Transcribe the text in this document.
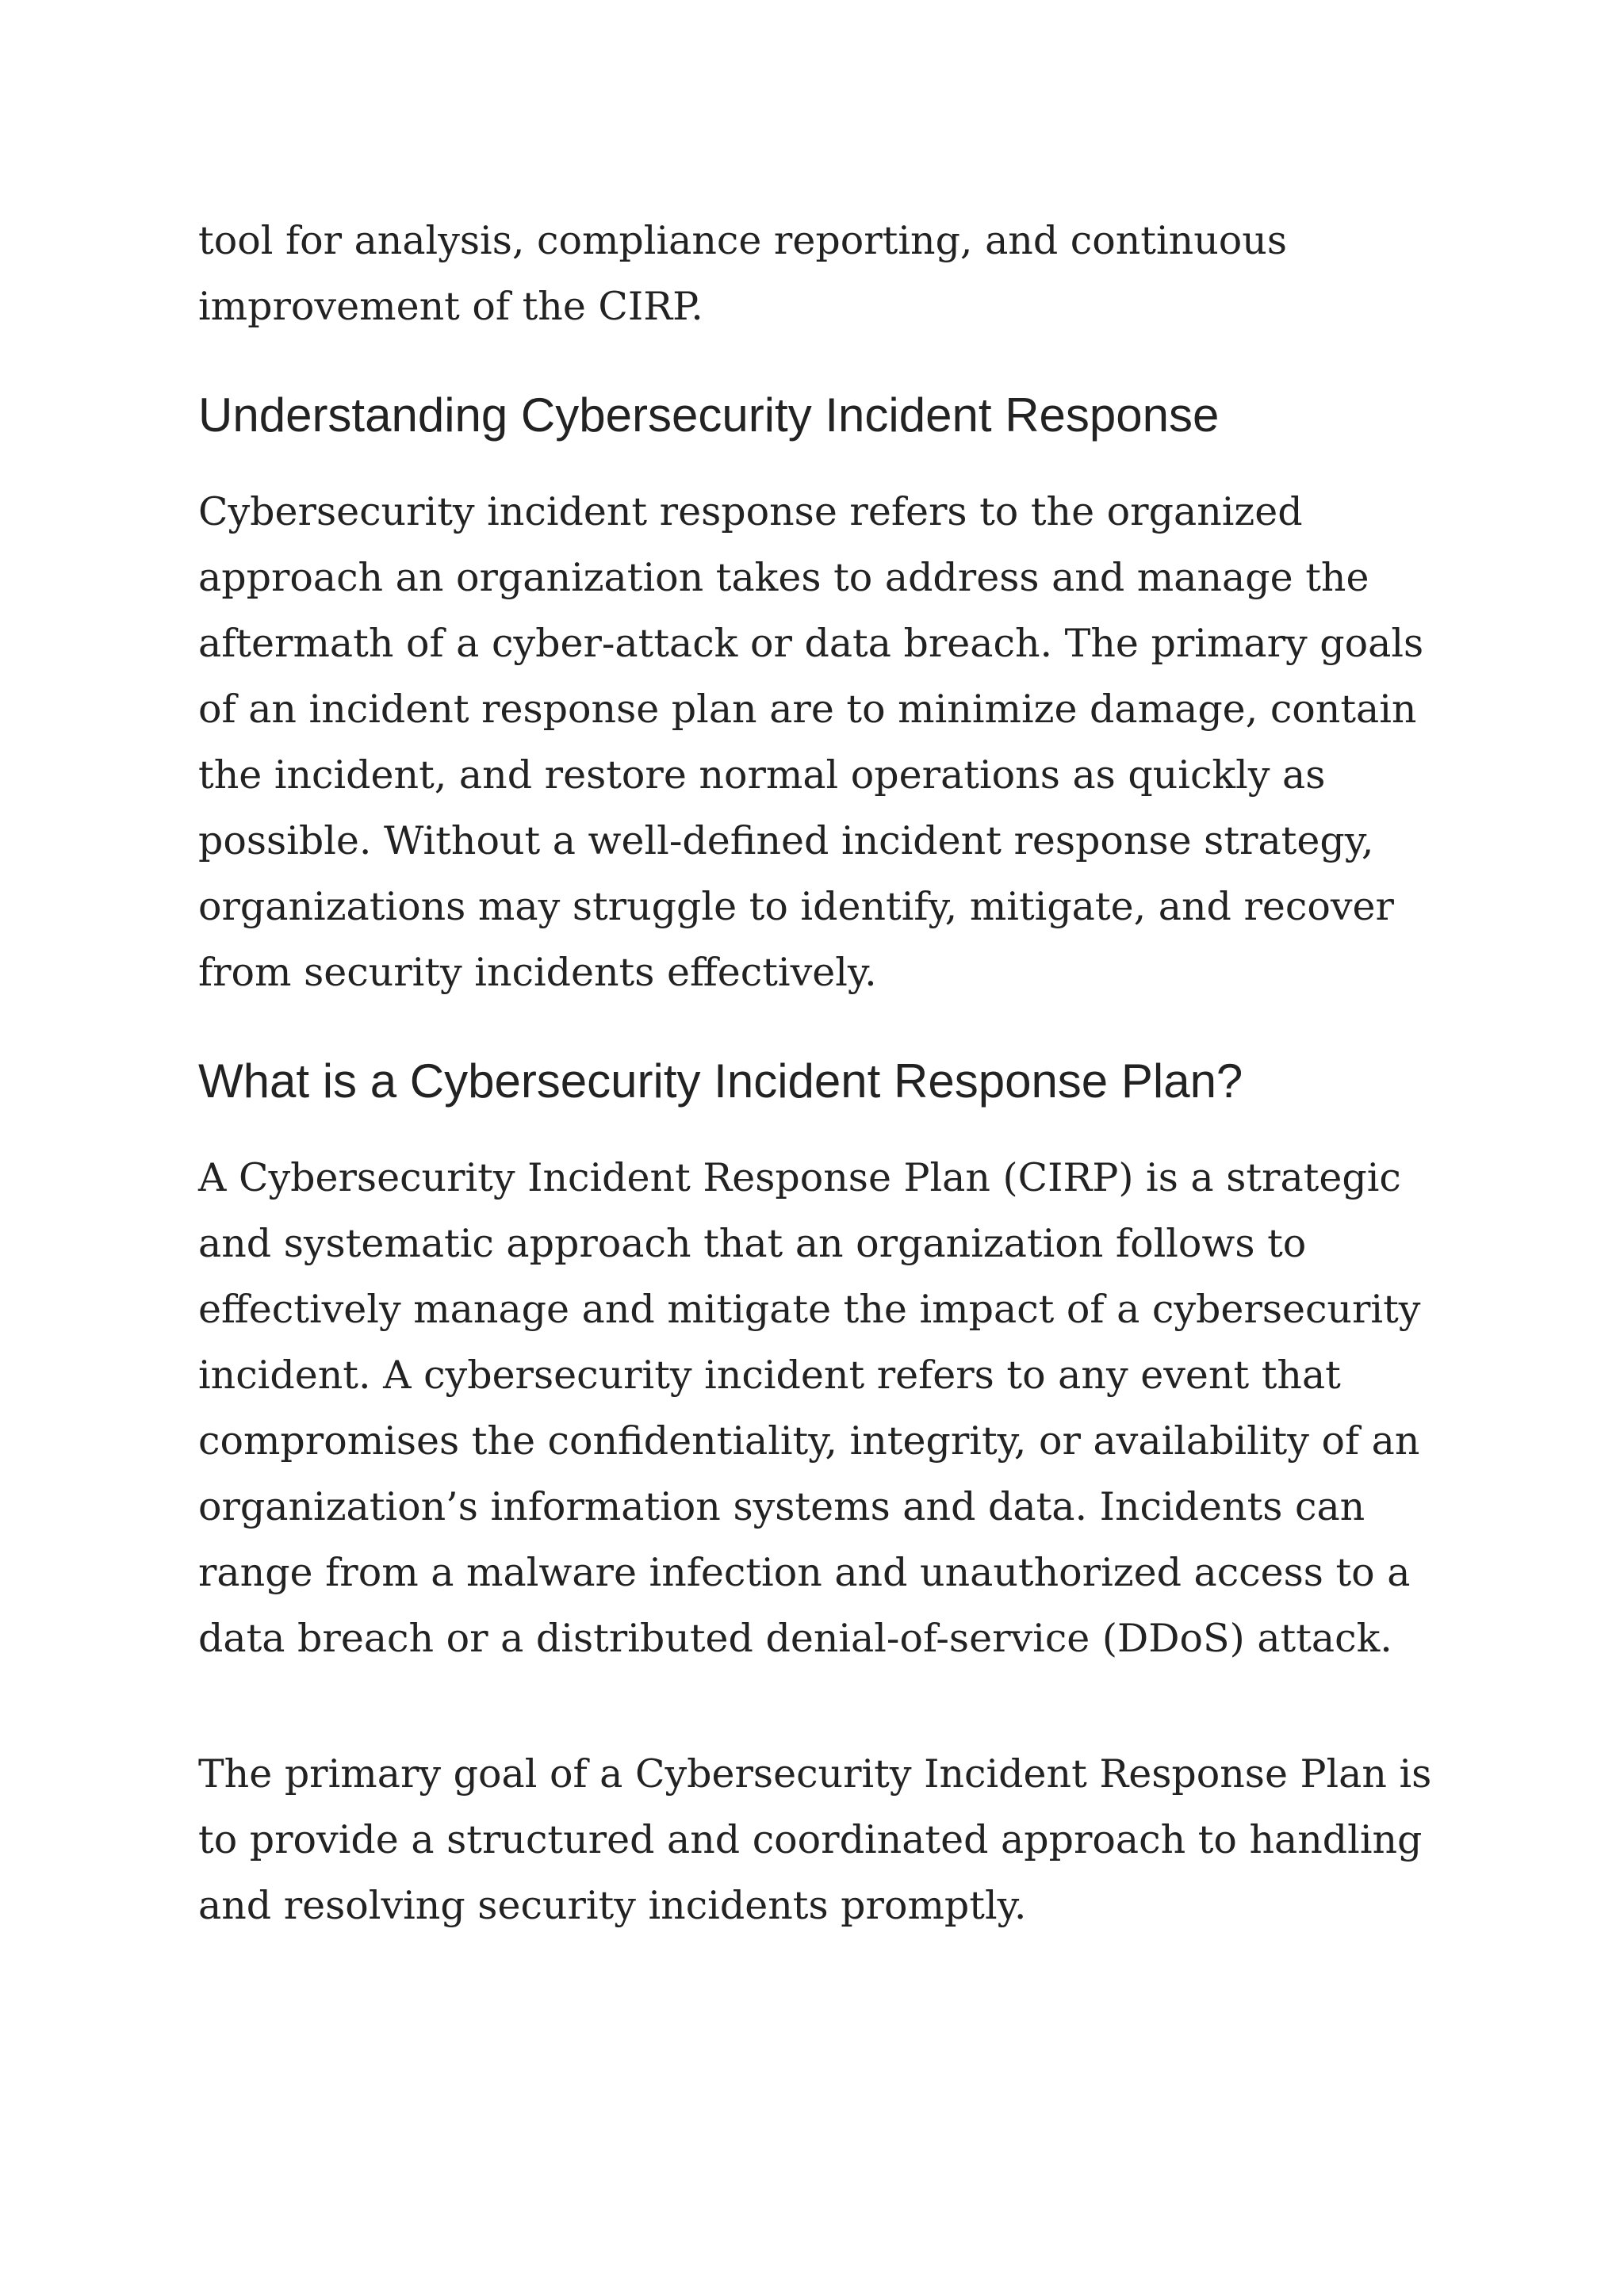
tool for analysis, compliance reporting, and continuous improvement of the CIRP.

Understanding Cybersecurity Incident Response

Cybersecurity incident response refers to the organized approach an organization takes to address and manage the aftermath of a cyber-attack or data breach. The primary goals of an incident response plan are to minimize damage, contain the incident, and restore normal operations as quickly as possible. Without a well-defined incident response strategy, organizations may struggle to identify, mitigate, and recover from security incidents effectively.

What is a Cybersecurity Incident Response Plan?

A Cybersecurity Incident Response Plan (CIRP) is a strategic and systematic approach that an organization follows to effectively manage and mitigate the impact of a cybersecurity incident. A cybersecurity incident refers to any event that compromises the confidentiality, integrity, or availability of an organization’s information systems and data. Incidents can range from a malware infection and unauthorized access to a data breach or a distributed denial-of-service (DDoS) attack.

The primary goal of a Cybersecurity Incident Response Plan is to provide a structured and coordinated approach to handling and resolving security incidents promptly.
